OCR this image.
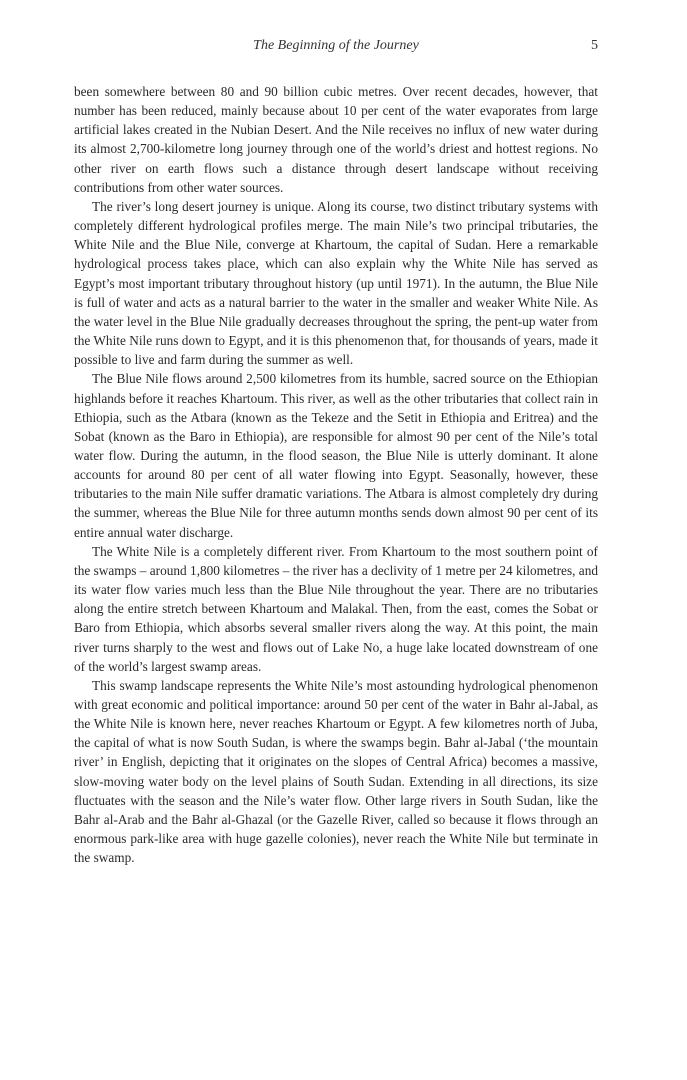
The Beginning of the Journey	5

been somewhere between 80 and 90 billion cubic metres. Over recent decades, however, that number has been reduced, mainly because about 10 per cent of the water evaporates from large artificial lakes created in the Nubian Desert. And the Nile receives no influx of new water during its almost 2,700-kilometre long journey through one of the world’s driest and hottest regions. No other river on earth flows such a distance through desert landscape without receiving contributions from other water sources.

The river’s long desert journey is unique. Along its course, two distinct tributary systems with completely different hydrological profiles merge. The main Nile’s two principal tributaries, the White Nile and the Blue Nile, converge at Khartoum, the capital of Sudan. Here a remarkable hydrological process takes place, which can also explain why the White Nile has served as Egypt’s most important tributary throughout history (up until 1971). In the autumn, the Blue Nile is full of water and acts as a natural barrier to the water in the smaller and weaker White Nile. As the water level in the Blue Nile gradually decreases throughout the spring, the pent-up water from the White Nile runs down to Egypt, and it is this phenomenon that, for thousands of years, made it possible to live and farm during the summer as well.

The Blue Nile flows around 2,500 kilometres from its humble, sacred source on the Ethiopian highlands before it reaches Khartoum. This river, as well as the other tributaries that collect rain in Ethiopia, such as the Atbara (known as the Tekeze and the Setit in Ethiopia and Eritrea) and the Sobat (known as the Baro in Ethiopia), are responsible for almost 90 per cent of the Nile’s total water flow. During the autumn, in the flood season, the Blue Nile is utterly dominant. It alone accounts for around 80 per cent of all water flowing into Egypt. Seasonally, however, these tributaries to the main Nile suffer dramatic variations. The Atbara is almost completely dry during the summer, whereas the Blue Nile for three autumn months sends down almost 90 per cent of its entire annual water discharge.

The White Nile is a completely different river. From Khartoum to the most southern point of the swamps – around 1,800 kilometres – the river has a declivity of 1 metre per 24 kilometres, and its water flow varies much less than the Blue Nile throughout the year. There are no tributaries along the entire stretch between Khartoum and Malakal. Then, from the east, comes the Sobat or Baro from Ethiopia, which absorbs several smaller rivers along the way. At this point, the main river turns sharply to the west and flows out of Lake No, a huge lake located downstream of one of the world’s largest swamp areas.

This swamp landscape represents the White Nile’s most astounding hydrological phenomenon with great economic and political importance: around 50 per cent of the water in Bahr al-Jabal, as the White Nile is known here, never reaches Khartoum or Egypt. A few kilometres north of Juba, the capital of what is now South Sudan, is where the swamps begin. Bahr al-Jabal (‘the mountain river’ in English, depicting that it originates on the slopes of Central Africa) becomes a massive, slow-moving water body on the level plains of South Sudan. Extending in all directions, its size fluctuates with the season and the Nile’s water flow. Other large rivers in South Sudan, like the Bahr al-Arab and the Bahr al-Ghazal (or the Gazelle River, called so because it flows through an enormous park-like area with huge gazelle colonies), never reach the White Nile but terminate in the swamp.
